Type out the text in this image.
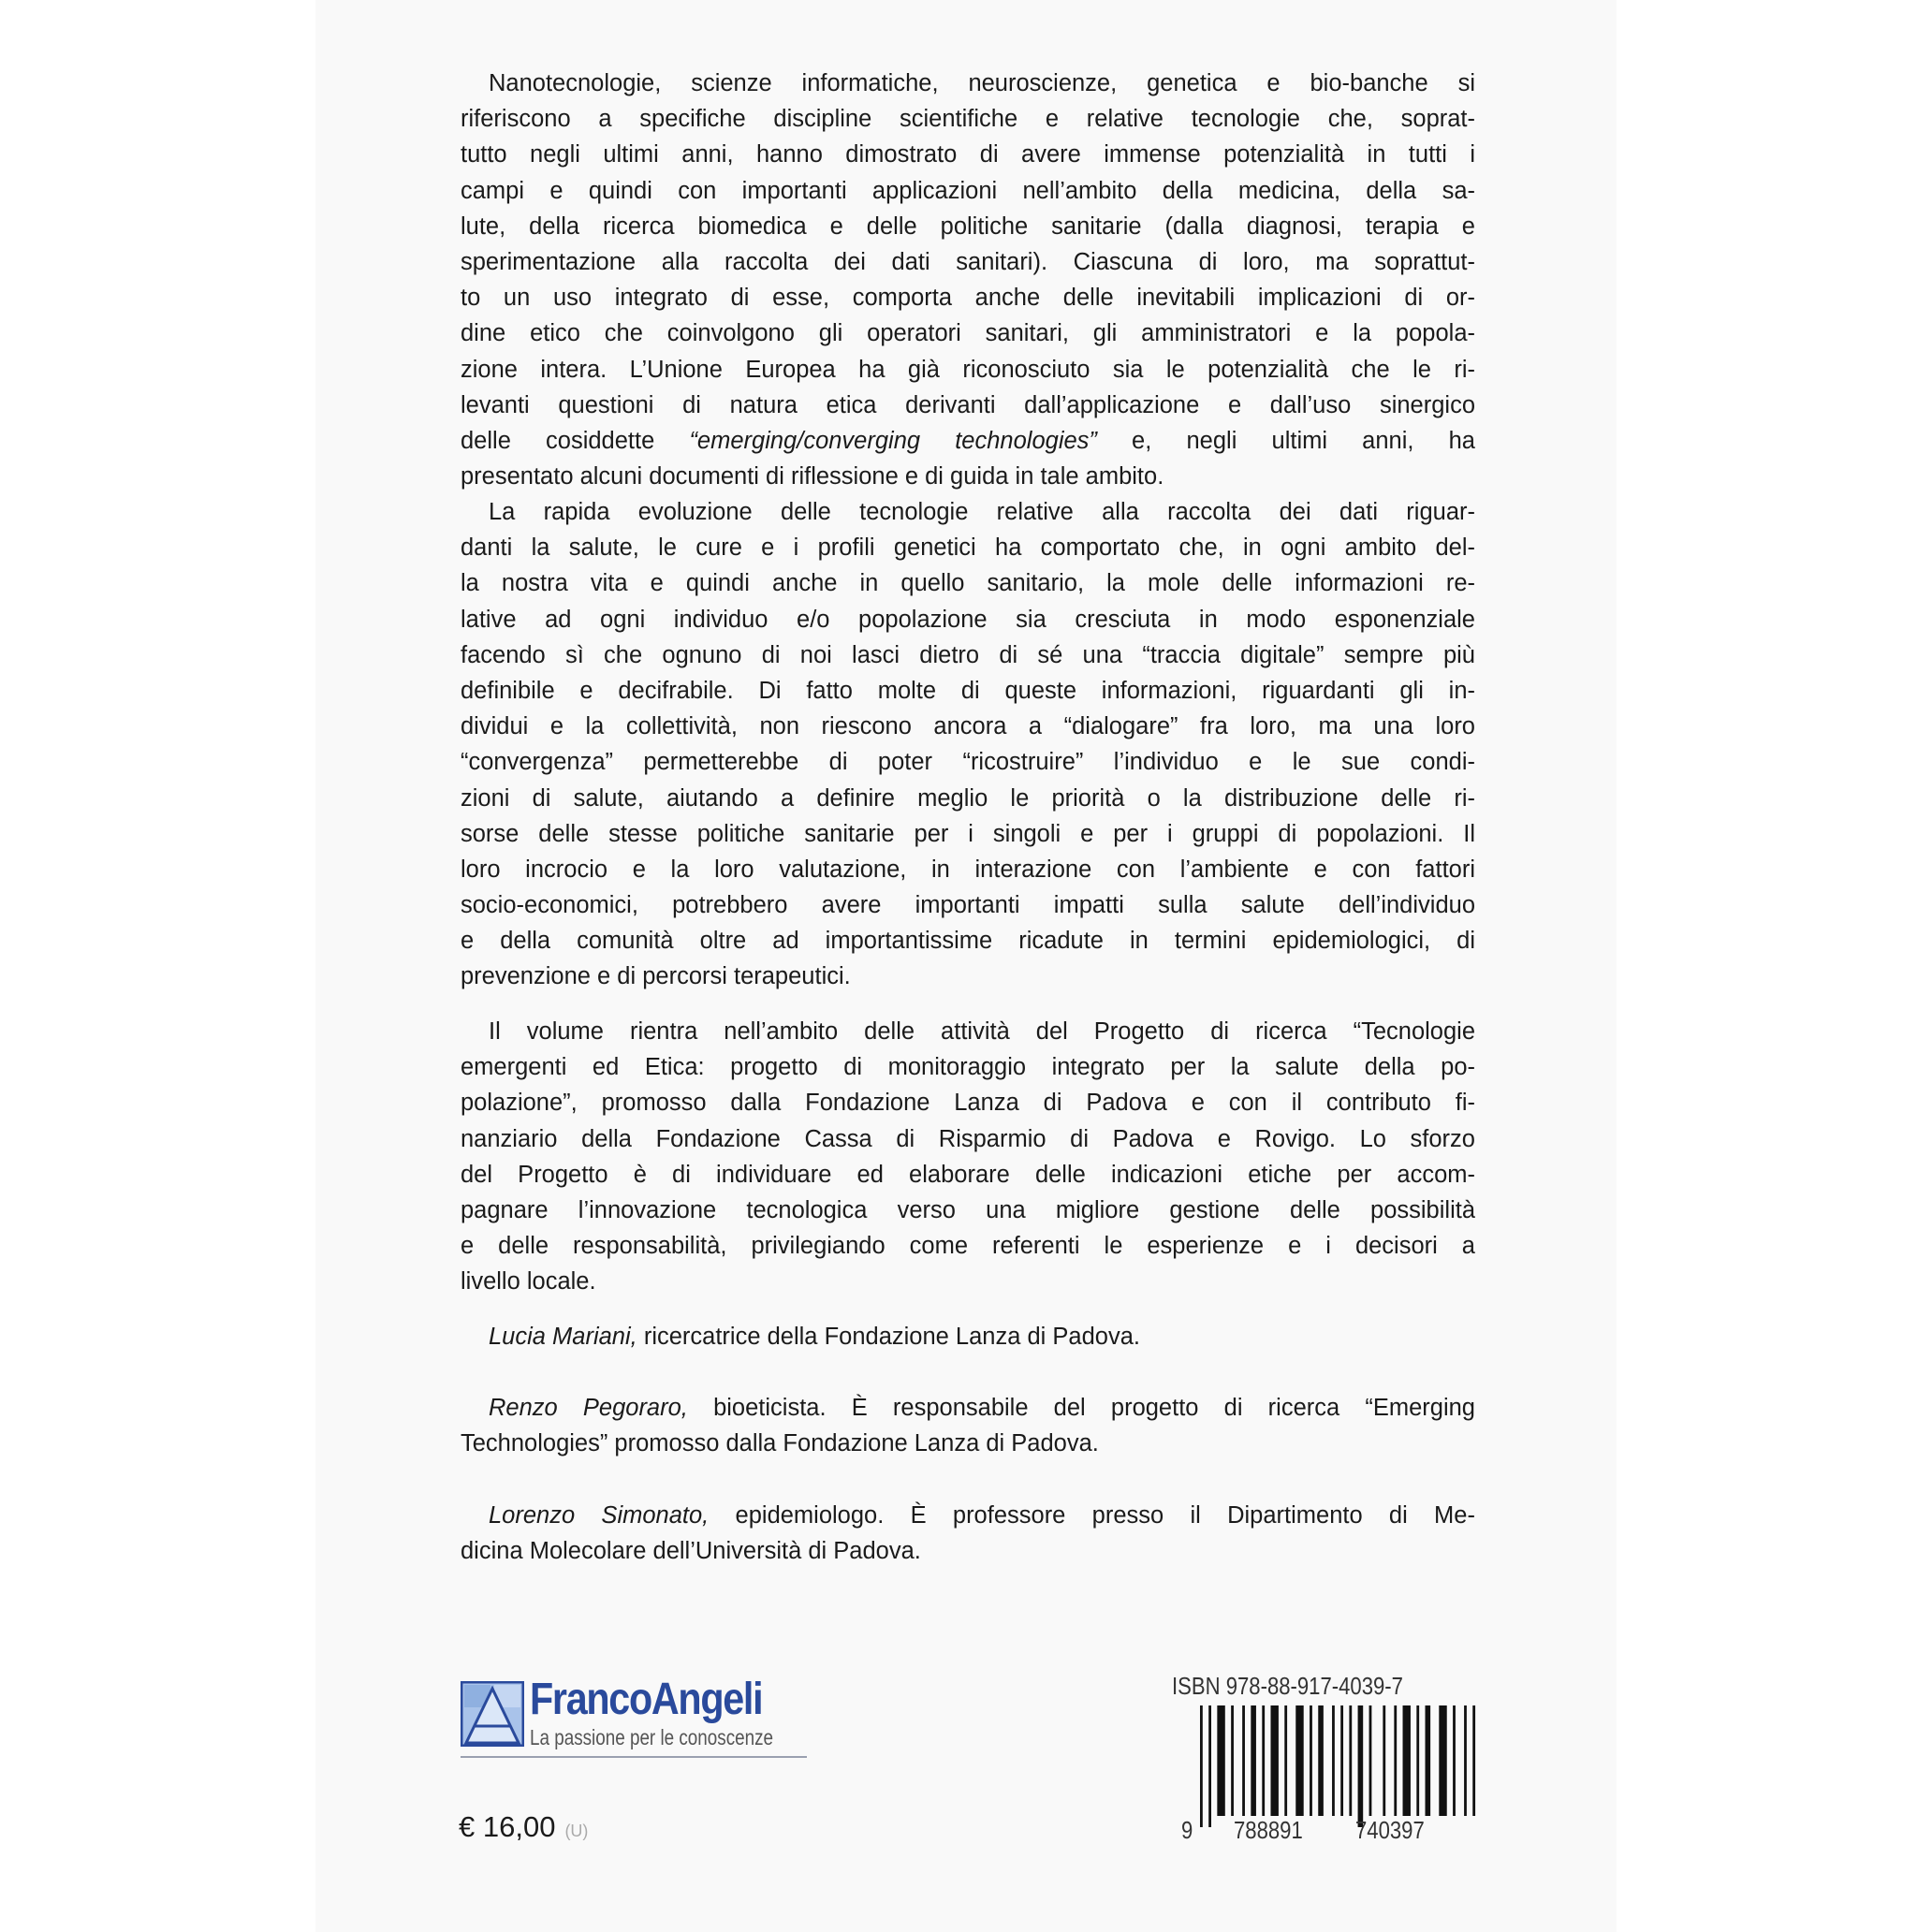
Nanotecnologie, scienze informatiche, neuroscienze, genetica e bio-banche si
riferiscono a specifiche discipline scientifiche e relative tecnologie che, soprat-
tutto negli ultimi anni, hanno dimostrato di avere immense potenzialità in tutti i
campi e quindi con importanti applicazioni nell’ambito della medicina, della sa-
lute, della ricerca biomedica e delle politiche sanitarie (dalla diagnosi, terapia e
sperimentazione alla raccolta dei dati sanitari). Ciascuna di loro, ma soprattut-
to un uso integrato di esse, comporta anche delle inevitabili implicazioni di or-
dine etico che coinvolgono gli operatori sanitari, gli amministratori e la popola-
zione intera. L’Unione Europea ha già riconosciuto sia le potenzialità che le ri-
levanti questioni di natura etica derivanti dall’applicazione e dall’uso sinergico
delle cosiddette “emerging/converging technologies” e, negli ultimi anni, ha
presentato alcuni documenti di riflessione e di guida in tale ambito.
La rapida evoluzione delle tecnologie relative alla raccolta dei dati riguar-
danti la salute, le cure e i profili genetici ha comportato che, in ogni ambito del-
la nostra vita e quindi anche in quello sanitario, la mole delle informazioni re-
lative ad ogni individuo e/o popolazione sia cresciuta in modo esponenziale
facendo sì che ognuno di noi lasci dietro di sé una “traccia digitale” sempre più
definibile e decifrabile. Di fatto molte di queste informazioni, riguardanti gli in-
dividui e la collettività, non riescono ancora a “dialogare” fra loro, ma una loro
“convergenza” permetterebbe di poter “ricostruire” l’individuo e le sue condi-
zioni di salute, aiutando a definire meglio le priorità o la distribuzione delle ri-
sorse delle stesse politiche sanitarie per i singoli e per i gruppi di popolazioni. Il
loro incrocio e la loro valutazione, in interazione con l’ambiente e con fattori
socio-economici, potrebbero avere importanti impatti sulla salute dell’individuo
e della comunità oltre ad importantissime ricadute in termini epidemiologici, di
prevenzione e di percorsi terapeutici.
Il volume rientra nell’ambito delle attività del Progetto di ricerca “Tecnologie
emergenti ed Etica: progetto di monitoraggio integrato per la salute della po-
polazione”, promosso dalla Fondazione Lanza di Padova e con il contributo fi-
nanziario della Fondazione Cassa di Risparmio di Padova e Rovigo. Lo sforzo
del Progetto è di individuare ed elaborare delle indicazioni etiche per accom-
pagnare l’innovazione tecnologica verso una migliore gestione delle possibilità
e delle responsabilità, privilegiando come referenti le esperienze e i decisori a
livello locale.
Lucia Mariani, ricercatrice della Fondazione Lanza di Padova.
Renzo Pegoraro, bioeticista. È responsabile del progetto di ricerca “Emerging
Technologies” promosso dalla Fondazione Lanza di Padova.
Lorenzo Simonato, epidemiologo. È professore presso il Dipartimento di Me-
dicina Molecolare dell’Università di Padova.
FrancoAngeli
La passione per le conoscenze
ISBN 978-88-917-4039-7
9 788891 740397
€ 16,00 (U)
